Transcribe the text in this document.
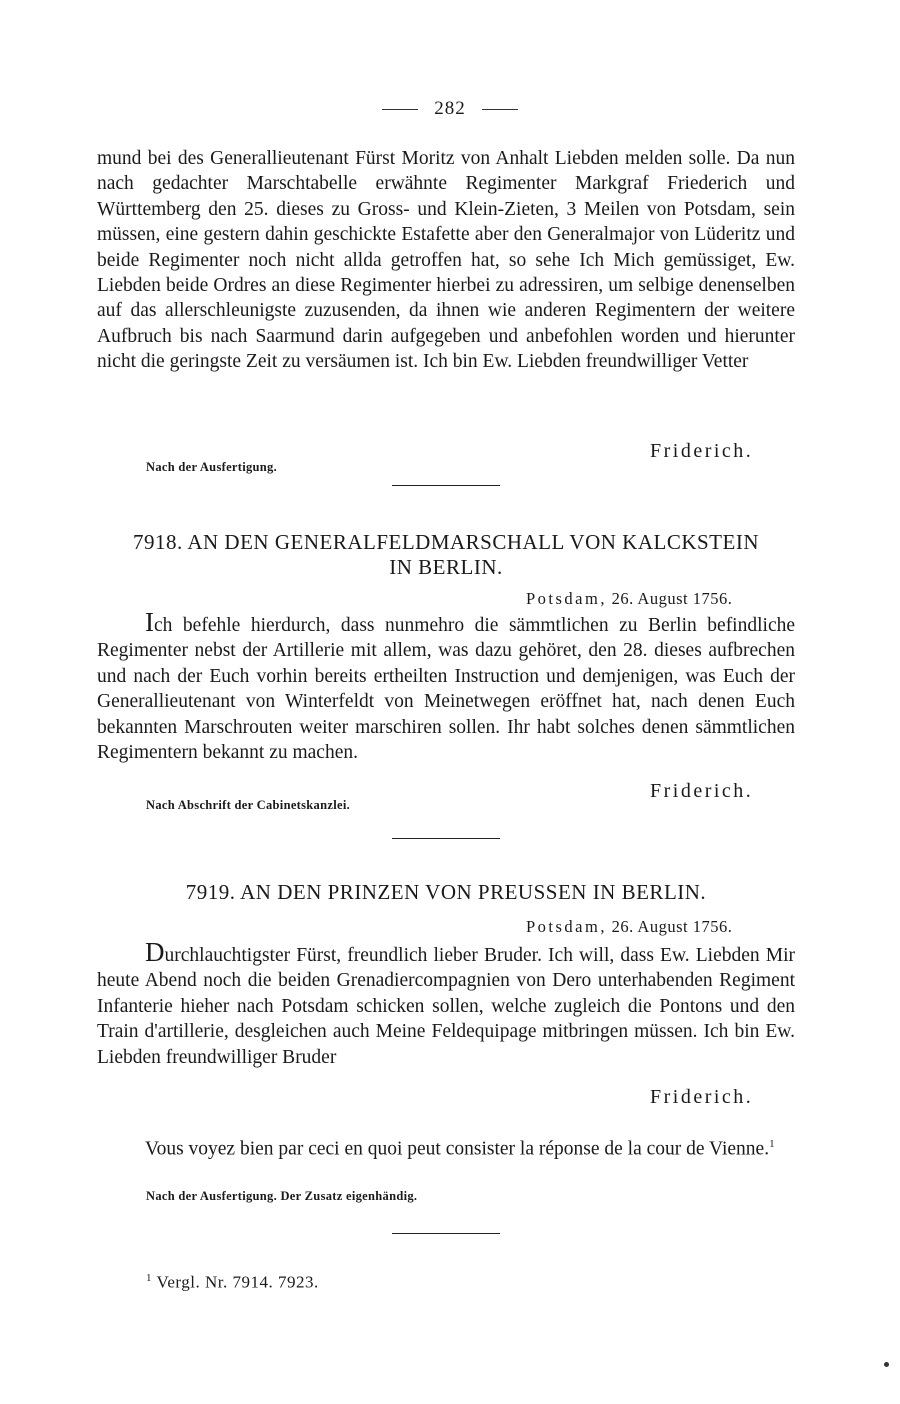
282
mund bei des Generallieutenant Fürst Moritz von Anhalt Liebden melden solle. Da nun nach gedachter Marschtabelle erwähnte Regimenter Markgraf Friederich und Württemberg den 25. dieses zu Gross- und Klein-Zieten, 3 Meilen von Potsdam, sein müssen, eine gestern dahin geschickte Estafette aber den Generalmajor von Lüderitz und beide Regimenter noch nicht allda getroffen hat, so sehe Ich Mich gemüssiget, Ew. Liebden beide Ordres an diese Regimenter hierbei zu adressiren, um selbige denenselben auf das allerschleunigste zuzusenden, da ihnen wie anderen Regimentern der weitere Aufbruch bis nach Saarmund darin aufgegeben und anbefohlen worden und hierunter nicht die geringste Zeit zu versäumen ist. Ich bin Ew. Liebden freundwilliger Vetter
Friderich.
Nach der Ausfertigung.
7918. AN DEN GENERALFELDMARSCHALL VON KALCKSTEIN
IN BERLIN.
Potsdam, 26. August 1756.
Ich befehle hierdurch, dass nunmehro die sämmtlichen zu Berlin befindliche Regimenter nebst der Artillerie mit allem, was dazu gehöret, den 28. dieses aufbrechen und nach der Euch vorhin bereits ertheilten Instruction und demjenigen, was Euch der Generallieutenant von Winterfeldt von Meinetwegen eröffnet hat, nach denen Euch bekannten Marschrouten weiter marschiren sollen. Ihr habt solches denen sämmtlichen Regimentern bekannt zu machen.
Friderich.
Nach Abschrift der Cabinetskanzlei.
7919. AN DEN PRINZEN VON PREUSSEN IN BERLIN.
Potsdam, 26. August 1756.
Durchlauchtigster Fürst, freundlich lieber Bruder. Ich will, dass Ew. Liebden Mir heute Abend noch die beiden Grenadiercompagnien von Dero unterhabenden Regiment Infanterie hieher nach Potsdam schicken sollen, welche zugleich die Pontons und den Train d'artillerie, desgleichen auch Meine Feldequipage mitbringen müssen. Ich bin Ew. Liebden freundwilliger Bruder
Friderich.
Vous voyez bien par ceci en quoi peut consister la réponse de la cour de Vienne.$^1$
Nach der Ausfertigung. Der Zusatz eigenhändig.
$^1$ Vergl. Nr. 7914. 7923.
